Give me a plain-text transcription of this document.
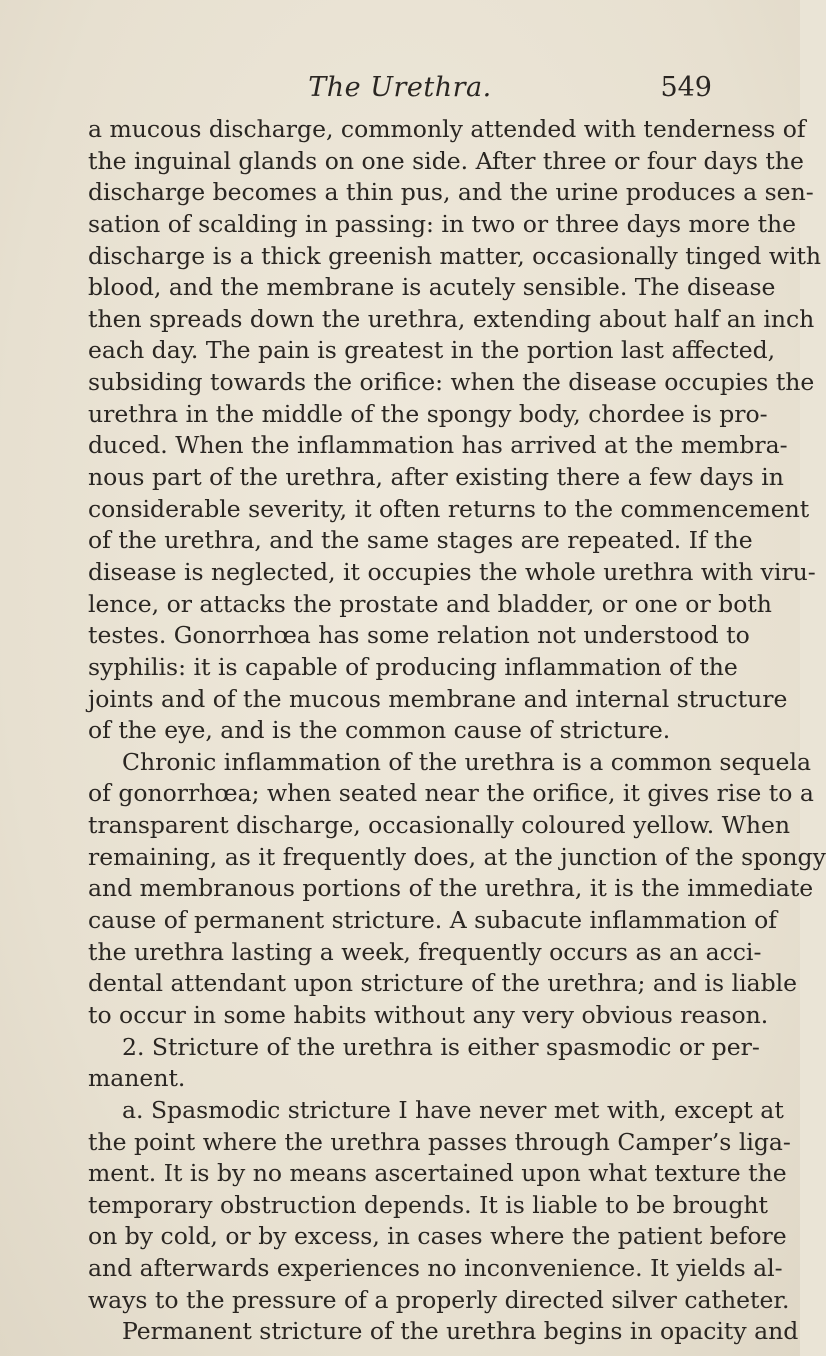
The Urethra.	549
a mucous discharge, commonly attended with tenderness of
the inguinal glands on one side. After three or four days the
discharge becomes a thin pus, and the urine produces a sen-
sation of scalding in passing: in two or three days more the
discharge is a thick greenish matter, occasionally tinged with
blood, and the membrane is acutely sensible. The disease
then spreads down the urethra, extending about half an inch
each day. The pain is greatest in the portion last affected,
subsiding towards the orifice: when the disease occupies the
urethra in the middle of the spongy body, chordee is pro-
duced. When the inflammation has arrived at the membra-
nous part of the urethra, after existing there a few days in
considerable severity, it often returns to the commencement
of the urethra, and the same stages are repeated. If the
disease is neglected, it occupies the whole urethra with viru-
lence, or attacks the prostate and bladder, or one or both
testes. Gonorrhœa has some relation not understood to
syphilis: it is capable of producing inflammation of the
joints and of the mucous membrane and internal structure
of the eye, and is the common cause of stricture.
Chronic inflammation of the urethra is a common sequela
of gonorrhœa; when seated near the orifice, it gives rise to a
transparent discharge, occasionally coloured yellow. When
remaining, as it frequently does, at the junction of the spongy
and membranous portions of the urethra, it is the immediate
cause of permanent stricture. A subacute inflammation of
the urethra lasting a week, frequently occurs as an acci-
dental attendant upon stricture of the urethra; and is liable
to occur in some habits without any very obvious reason.
2. Stricture of the urethra is either spasmodic or per-
manent.
a. Spasmodic stricture I have never met with, except at
the point where the urethra passes through Camper’s liga-
ment. It is by no means ascertained upon what texture the
temporary obstruction depends. It is liable to be brought
on by cold, or by excess, in cases where the patient before
and afterwards experiences no inconvenience. It yields al-
ways to the pressure of a properly directed silver catheter.
Permanent stricture of the urethra begins in opacity and
